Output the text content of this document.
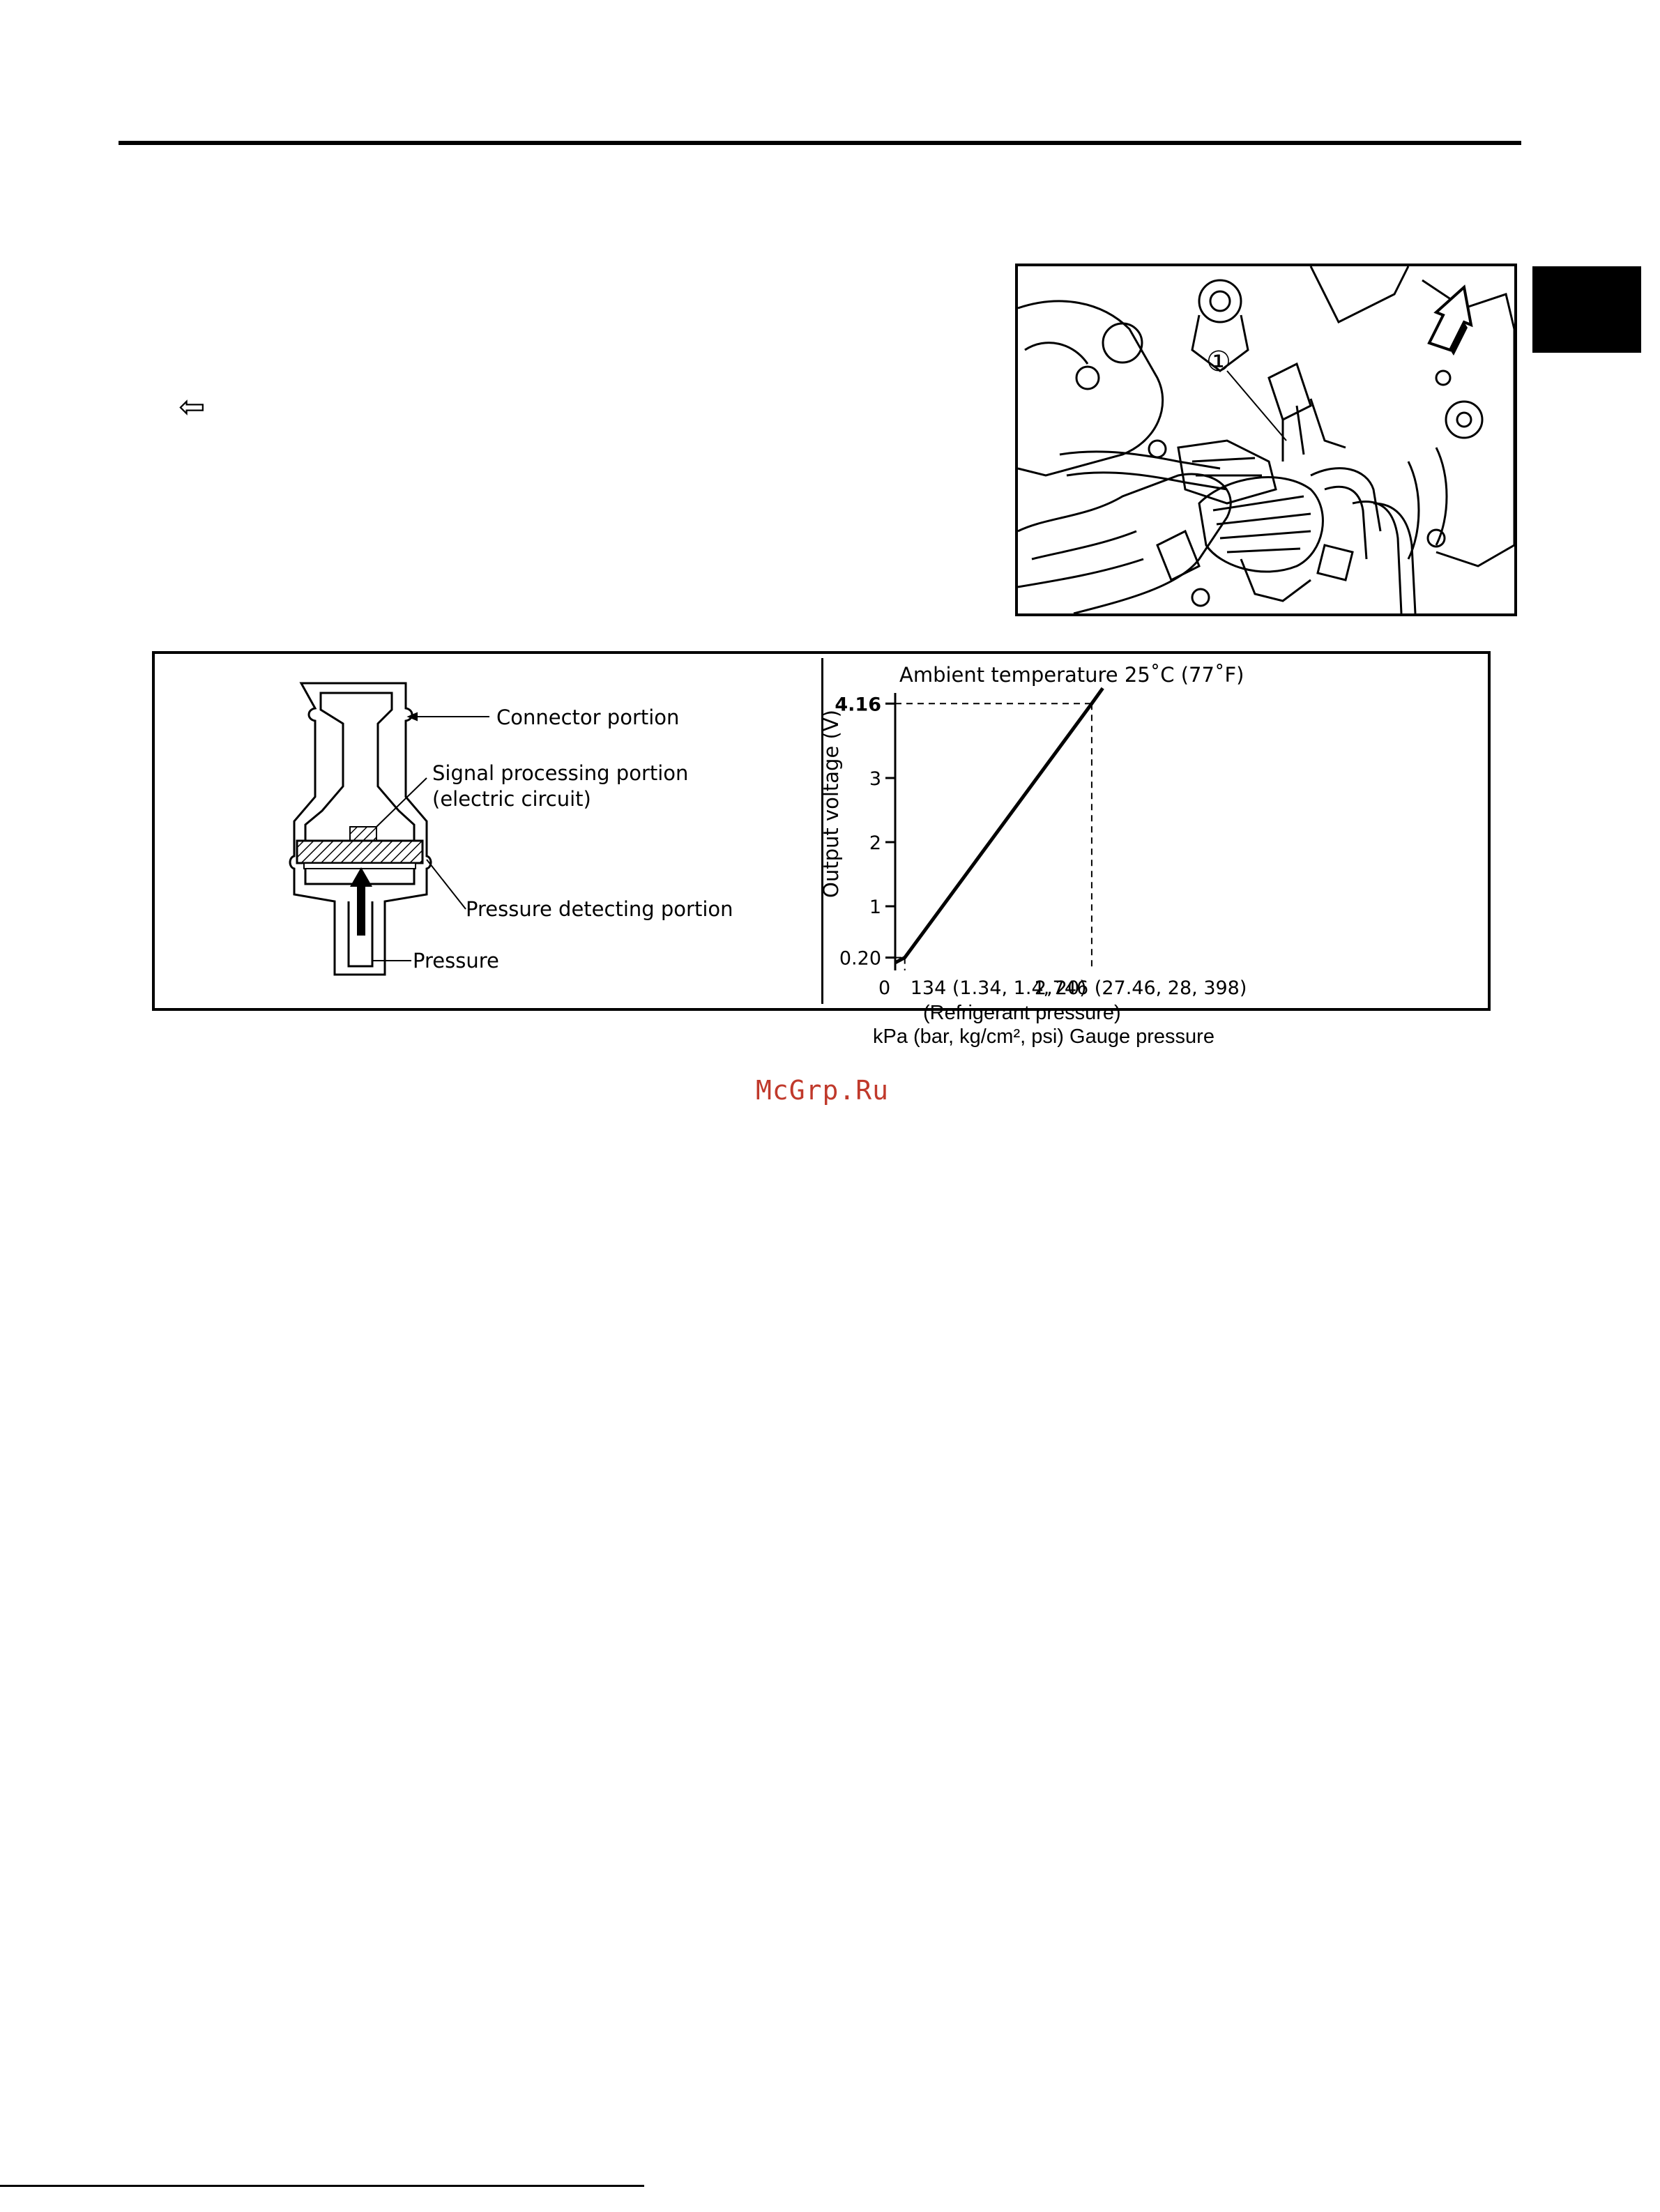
⇦
①
Connector portion
Signal processing portion
(electric circuit)
Pressure detecting portion
Pressure	0.20
1
2
3
4.16
Ambient temperature 25˚C (77˚F)
Output voltage (V)
0 134 (1.34, 1.4, 20)
2,746 (27.46, 28, 398)
(Refrigerant pressure)
kPa (bar, kg/cm², psi) Gauge pressure
McGrp.Ru
